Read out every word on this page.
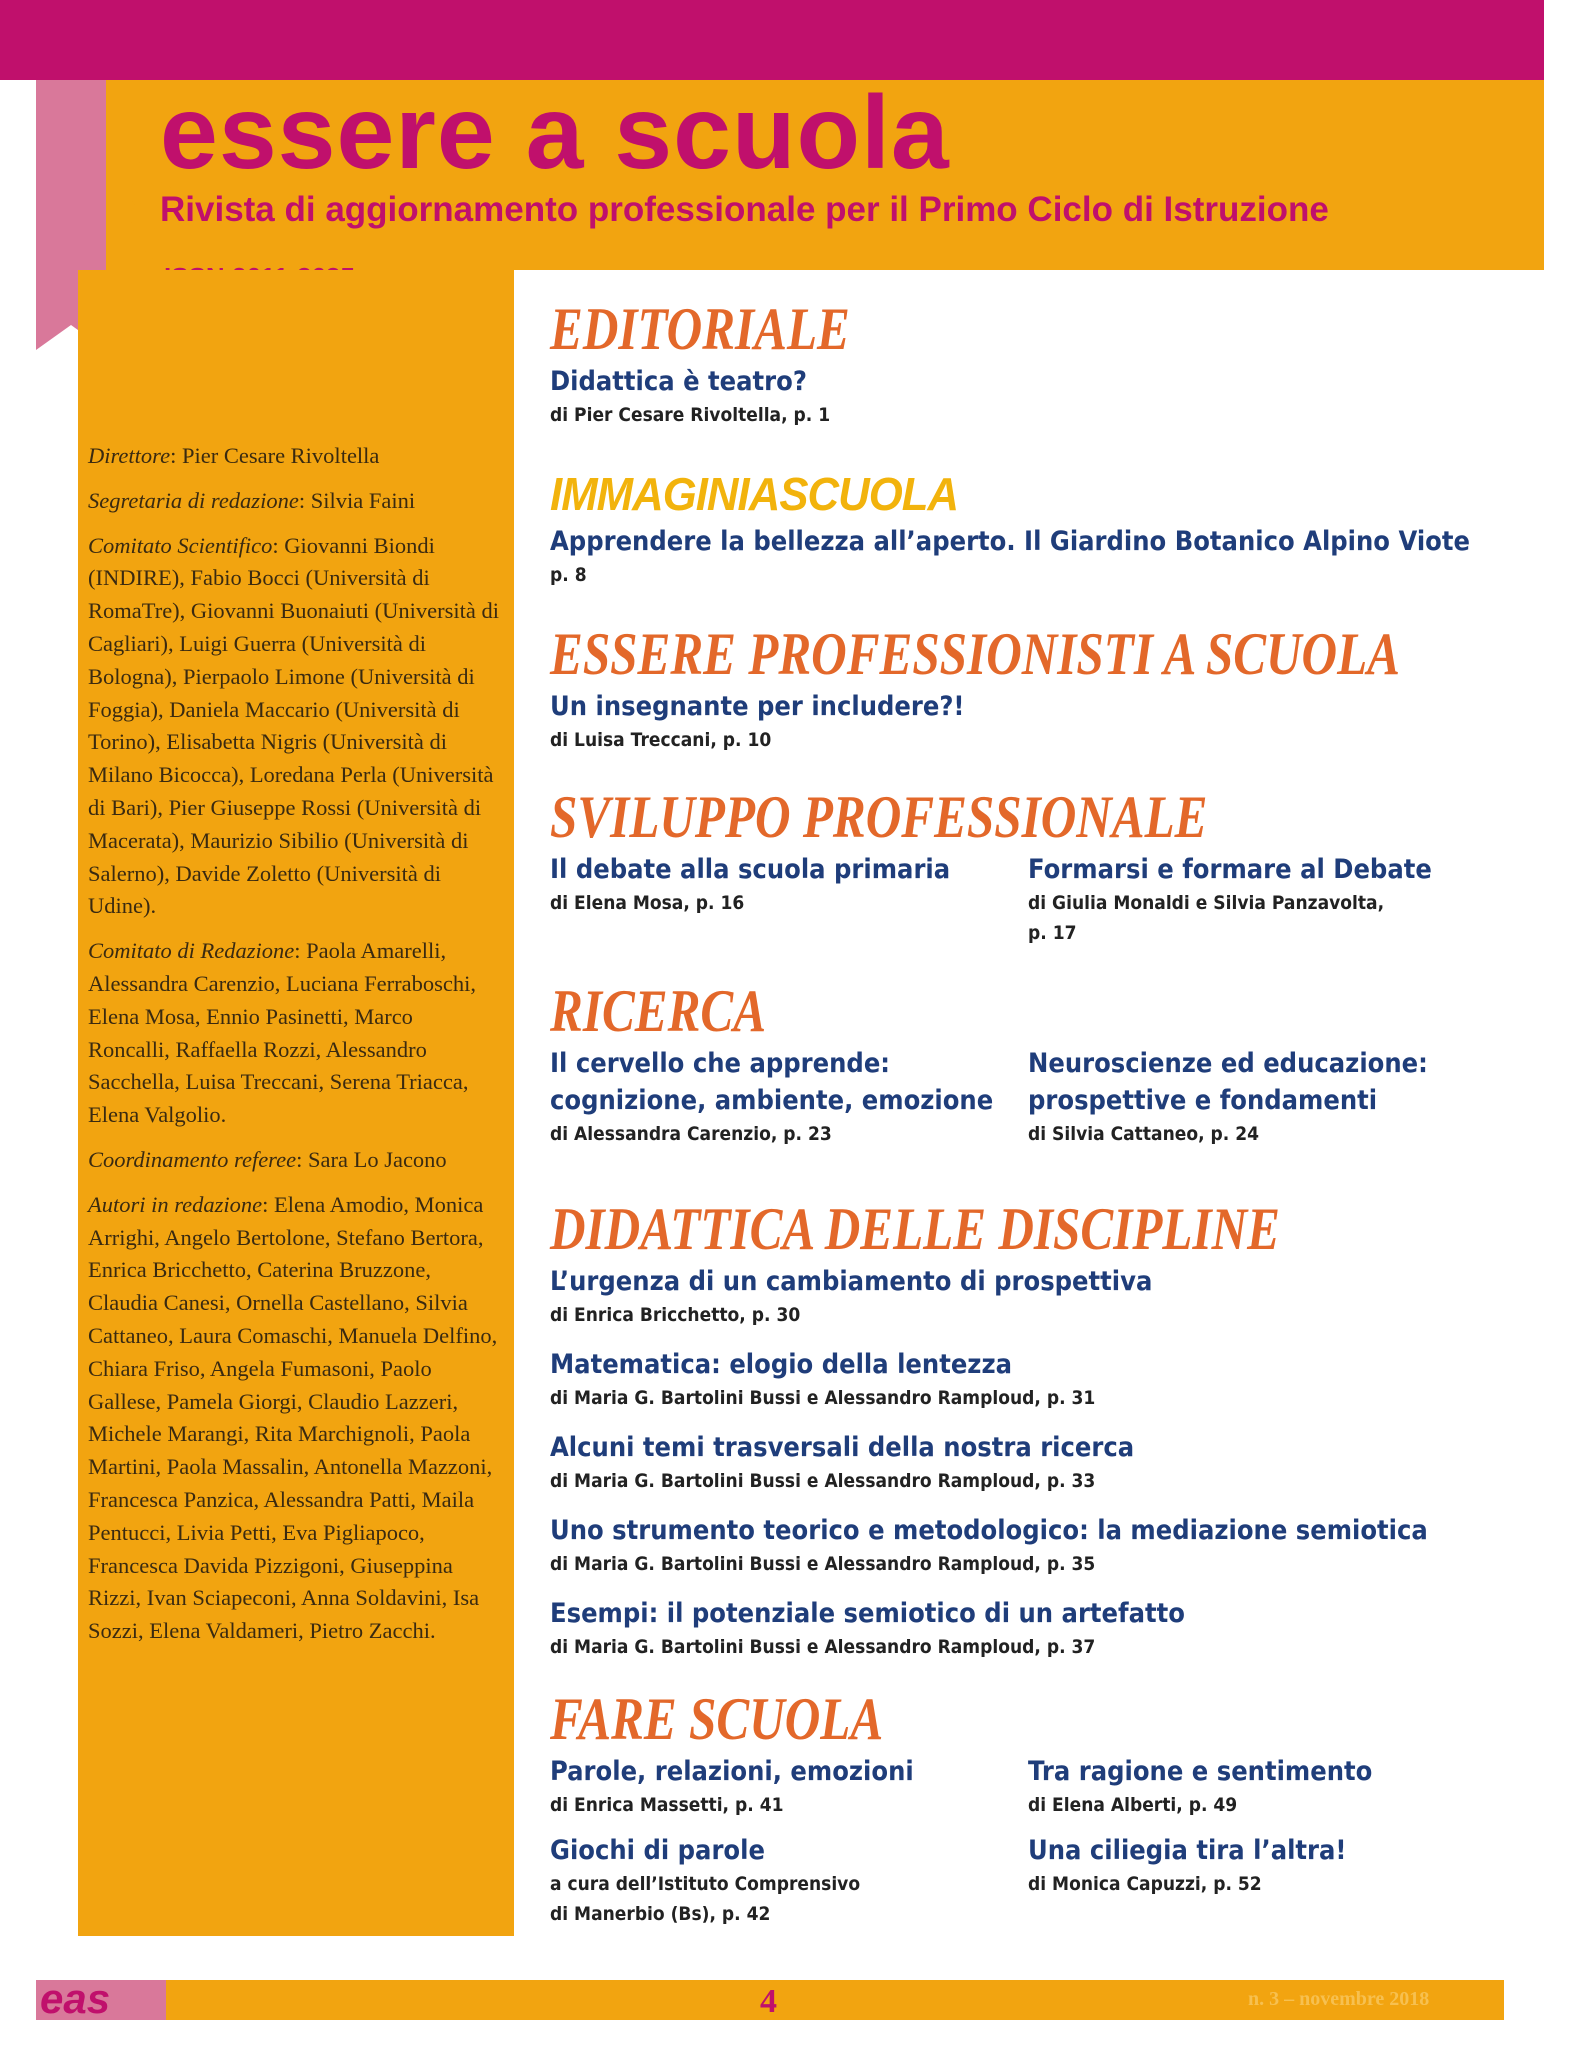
eas
essere a scuola
Rivista di aggiornamento professionale per il Primo Ciclo di Istruzione

Direttore: Pier Cesare Rivoltella

Segretaria di redazione: Silvia Faini

Comitato Scientifico: Giovanni Biondi (INDIRE), Fabio Bocci (Università di RomaTre), Giovanni Buonaiuti (Università di Cagliari), Luigi Guerra (Università di Bologna), Pierpaolo Limone (Università di Foggia), Daniela Maccario (Università di Torino), Elisabetta Nigris (Università di Milano Bicocca), Loredana Perla (Università di Bari), Pier Giuseppe Rossi (Università di Macerata), Maurizio Sibilio (Università di Salerno), Davide Zoletto (Università di Udine).

Comitato di Redazione: Paola Amarelli, Alessandra Carenzio, Luciana Ferraboschi, Elena Mosa, Ennio Pasinetti, Marco Roncalli, Raffaella Rozzi, Alessandro Sacchella, Luisa Treccani, Serena Triacca, Elena Valgolio.

Coordinamento referee: Sara Lo Jacono

Autori in redazione: Elena Amodio, Monica Arrighi, Angelo Bertolone, Stefano Bertora, Enrica Bricchetto, Caterina Bruzzone, Claudia Canesi, Ornella Castellano, Silvia Cattaneo, Laura Comaschi, Manuela Delfino, Chiara Friso, Angela Fumasoni, Paolo Gallese, Pamela Giorgi, Claudio Lazzeri, Michele Marangi, Rita Marchignoli, Paola Martini, Paola Massalin, Antonella Mazzoni, Francesca Panzica, Alessandra Patti, Maila Pentucci, Livia Petti, Eva Pigliapoco, Francesca Davida Pizzigoni, Giuseppina Rizzi, Ivan Sciapeconi, Anna Soldavini, Isa Sozzi, Elena Valdameri, Pietro Zacchi.

EDITORIALE
Didattica è teatro?
di Pier Cesare Rivoltella, p. 1
IMMAGINIASCUOLA
Apprendere la bellezza all’aperto. Il Giardino Botanico Alpino Viote
p. 8
ESSERE PROFESSIONISTI A SCUOLA
Un insegnante per includere?!
di Luisa Treccani, p. 10
SVILUPPO PROFESSIONALE
Il debate alla scuola primaria
di Elena Mosa, p. 16
Formarsi e formare al Debate
di Giulia Monaldi e Silvia Panzavolta,
p. 17
RICERCA
Il cervello che apprende:
cognizione, ambiente, emozione
di Alessandra Carenzio, p. 23
Neuroscienze ed educazione:
prospettive e fondamenti
di Silvia Cattaneo, p. 24
DIDATTICA DELLE DISCIPLINE
L’urgenza di un cambiamento di prospettiva
di Enrica Bricchetto, p. 30
Matematica: elogio della lentezza
di Maria G. Bartolini Bussi e Alessandro Ramploud, p. 31
Alcuni temi trasversali della nostra ricerca
di Maria G. Bartolini Bussi e Alessandro Ramploud, p. 33
Uno strumento teorico e metodologico: la mediazione semiotica
di Maria G. Bartolini Bussi e Alessandro Ramploud, p. 35
Esempi: il potenziale semiotico di un artefatto
di Maria G. Bartolini Bussi e Alessandro Ramploud, p. 37
FARE SCUOLA
Parole, relazioni, emozioni
di Enrica Massetti, p. 41
Tra ragione e sentimento
di Elena Alberti, p. 49
Giochi di parole
a cura dell’Istituto Comprensivo
di Manerbio (Bs), p. 42
Una ciliegia tira l’altra!
di Monica Capuzzi, p. 52
eas	4	n. 3 – novembre 2018
